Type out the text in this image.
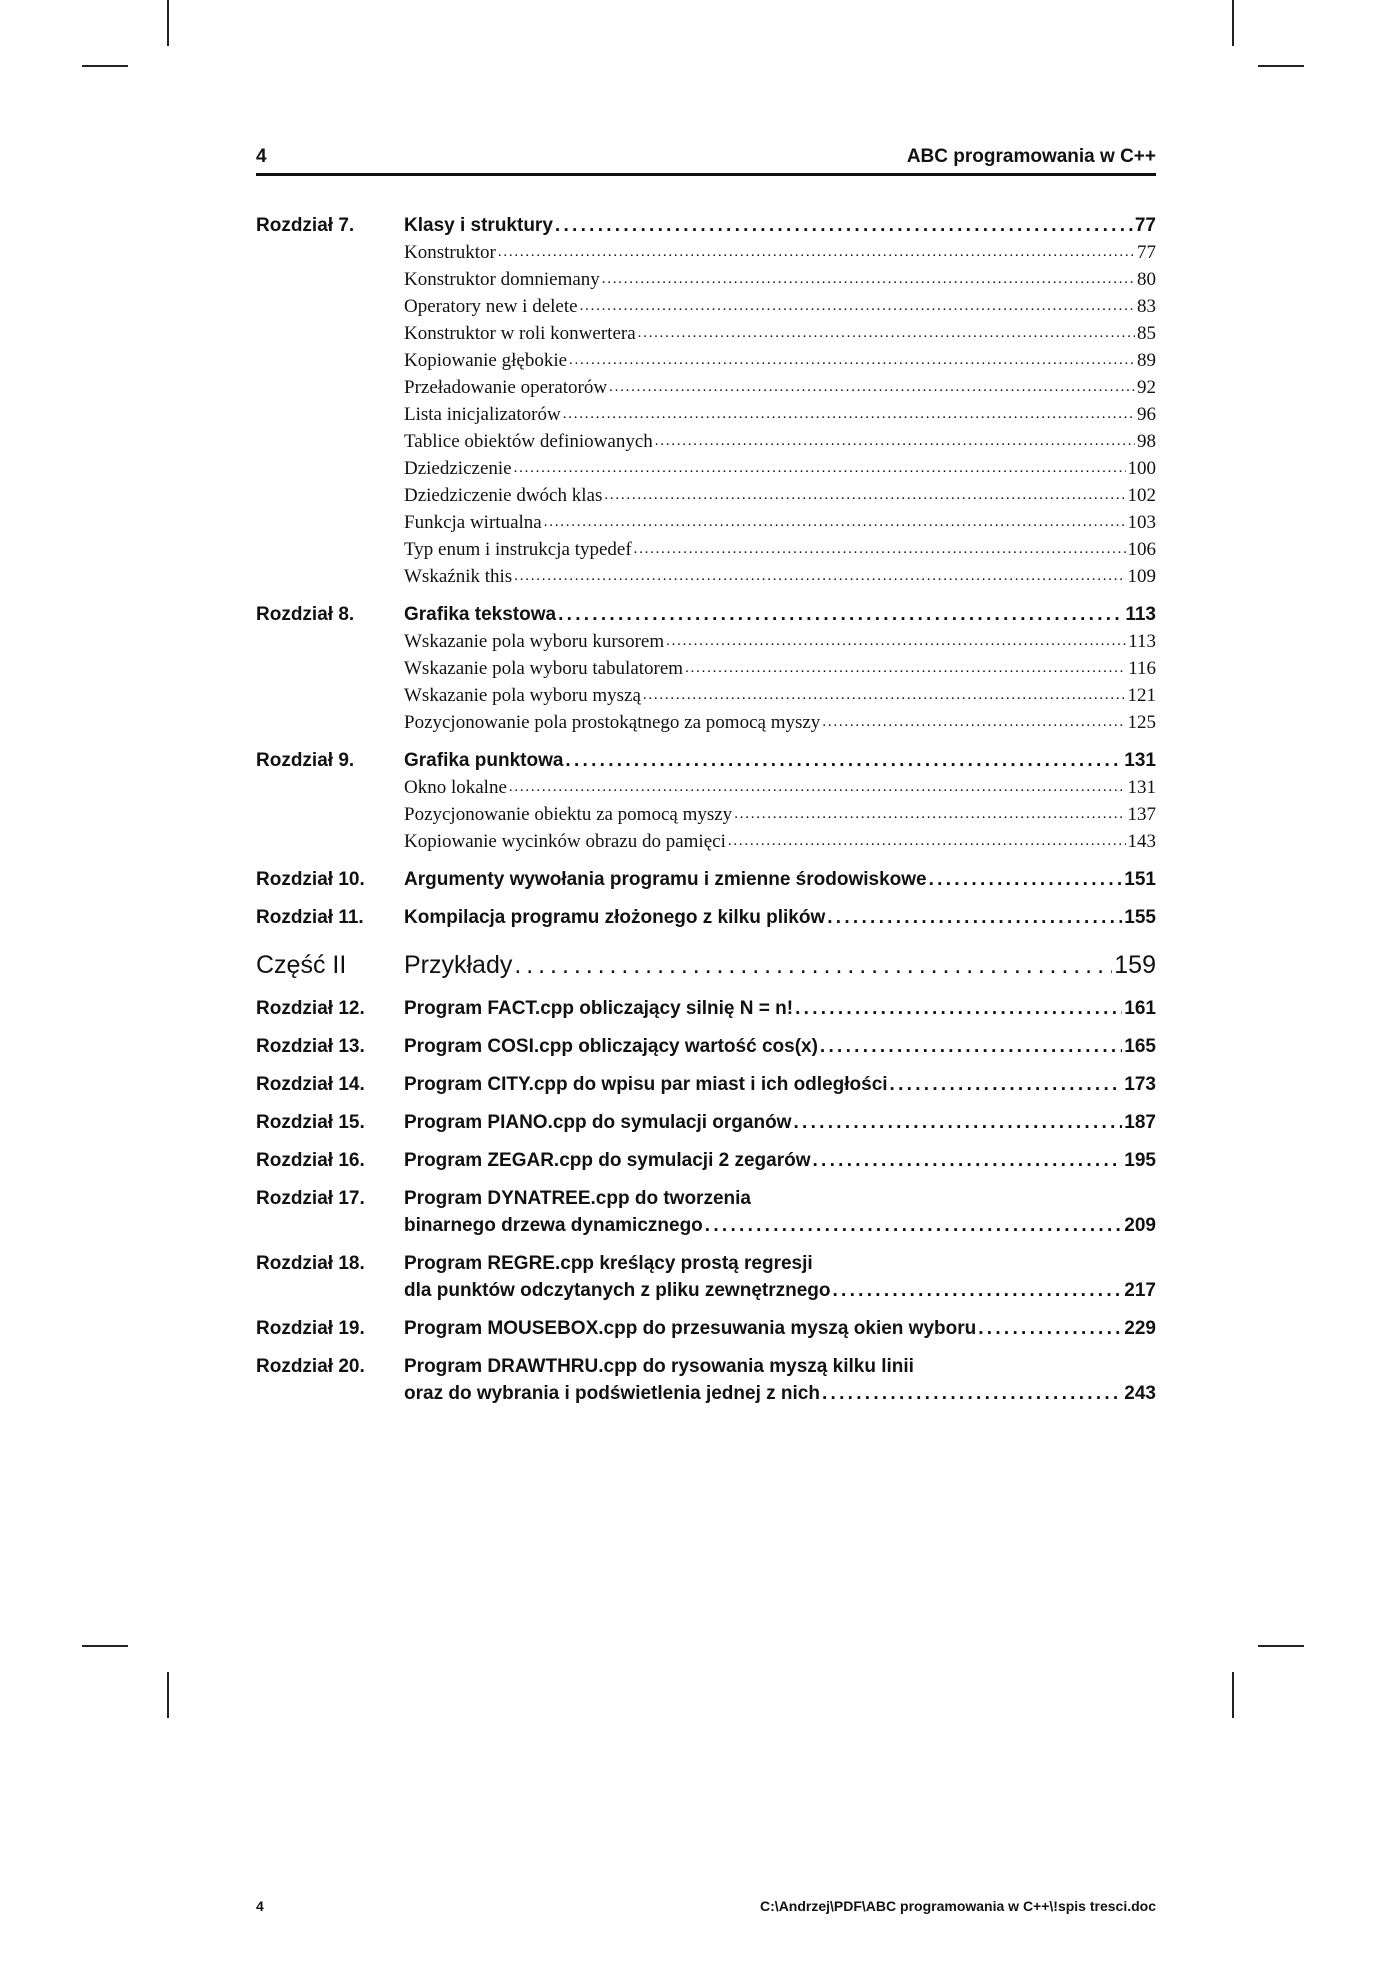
4	ABC programowania w C++
Rozdział 7.	Klasy i struktury . . .	77
Konstruktor . . .	77
Konstruktor domniemany . . .	80
Operatory new i delete . . .	83
Konstruktor w roli konwertera . . .	85
Kopiowanie głębokie . . .	89
Przeładowanie operatorów . . .	92
Lista inicjalizatorów . . .	96
Tablice obiektów definiowanych . . .	98
Dziedziczenie . . .	100
Dziedziczenie dwóch klas . . .	102
Funkcja wirtualna . . .	103
Typ enum i instrukcja typedef . . .	106
Wskaźnik this . . .	109
Rozdział 8.	Grafika tekstowa . . .	113
Wskazanie pola wyboru kursorem . . .	113
Wskazanie pola wyboru tabulatorem . . .	116
Wskazanie pola wyboru myszą . . .	121
Pozycjonowanie pola prostokątnego za pomocą myszy . . .	125
Rozdział 9.	Grafika punktowa . . .	131
Okno lokalne . . .	131
Pozycjonowanie obiektu za pomocą myszy . . .	137
Kopiowanie wycinków obrazu do pamięci . . .	143
Rozdział 10. Argumenty wywołania programu i zmienne środowiskowe . . .	151
Rozdział 11. Kompilacja programu złożonego z kilku plików . . .	155
Część II Przykłady . . .	159
Rozdział 12. Program FACT.cpp obliczający silnię N = n! . . .	161
Rozdział 13. Program COSI.cpp obliczający wartość cos(x) . . .	165
Rozdział 14. Program CITY.cpp do wpisu par miast i ich odległości . . .	173
Rozdział 15. Program PIANO.cpp do symulacji organów . . .	187
Rozdział 16. Program ZEGAR.cpp do symulacji 2 zegarów . . .	195
Rozdział 17. Program DYNATREE.cpp do tworzenia
binarnego drzewa dynamicznego . . .	209
Rozdział 18. Program REGRE.cpp kreślący prostą regresji
dla punktów odczytanych z pliku zewnętrznego . . .	217
Rozdział 19. Program MOUSEBOX.cpp do przesuwania myszą okien wyboru . . .	229
Rozdział 20. Program DRAWTHRU.cpp do rysowania myszą kilku linii
oraz do wybrania i podświetlenia jednej z nich . . .	243
4	C:\Andrzej\PDF\ABC programowania w C++\!spis tresci.doc
